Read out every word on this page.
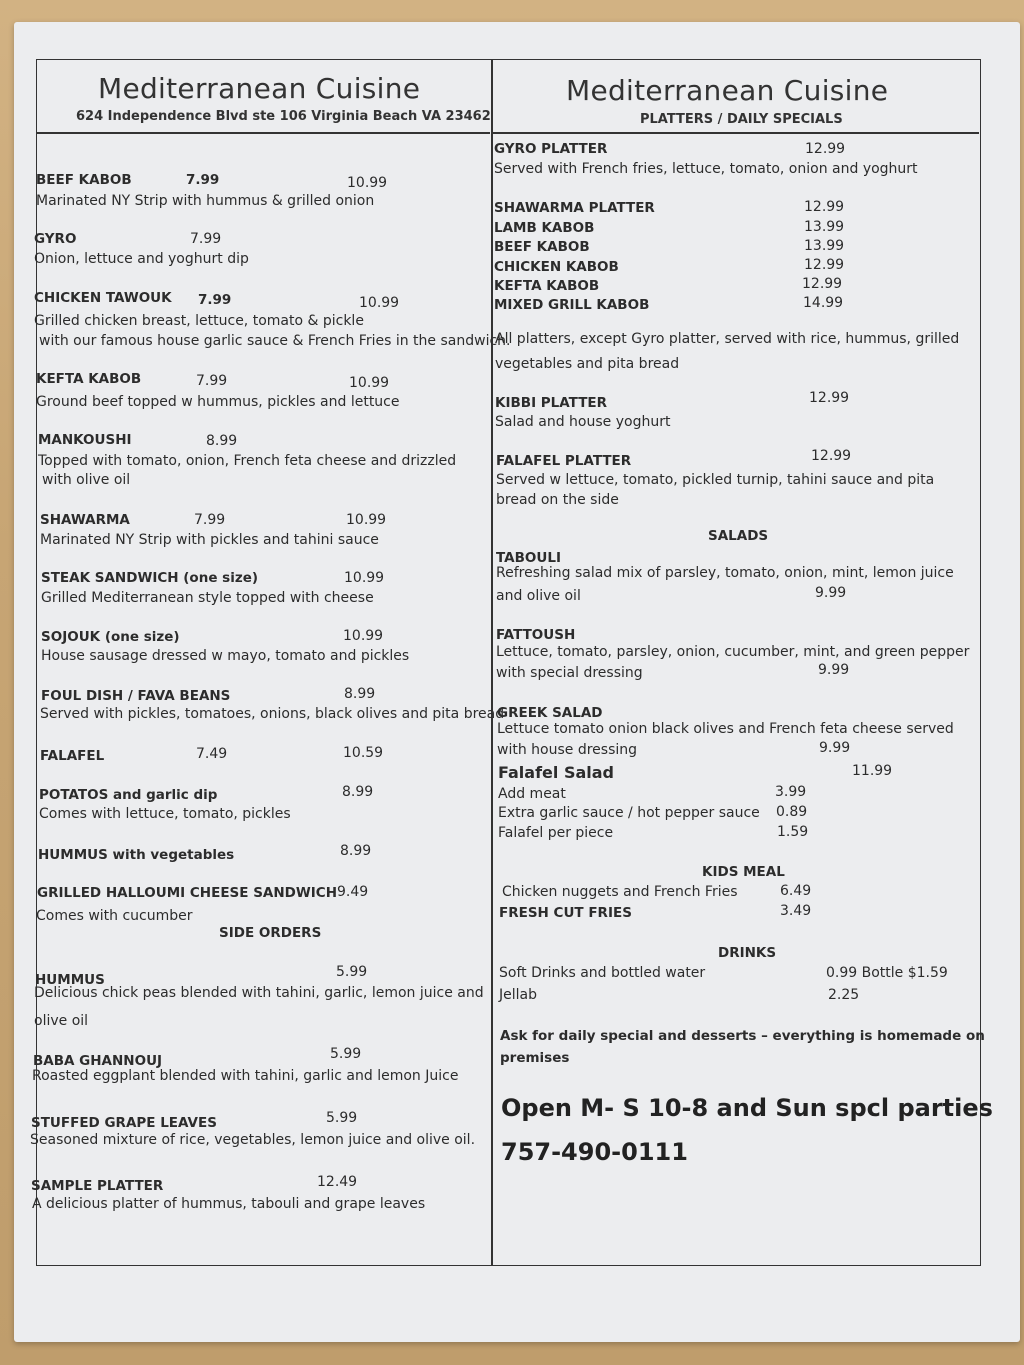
Mediterranean Cuisine
624 Independence Blvd ste 106 Virginia Beach VA 23462
BEEF KABOB	7.99	10.99
Marinated NY Strip with hummus & grilled onion
GYRO	7.99
Onion, lettuce and yoghurt dip
CHICKEN TAWOUK 7.99	10.99
Grilled chicken breast, lettuce, tomato & pickle
with our famous house garlic sauce & French Fries in the sandwich.
KEFTA KABOB	7.99	10.99
Ground beef topped w hummus, pickles and lettuce
MANKOUSHI	8.99
Topped with tomato, onion, French feta cheese and drizzled
with olive oil
SHAWARMA	7.99	10.99
Marinated NY Strip with pickles and tahini sauce
STEAK SANDWICH (one size)	10.99
Grilled Mediterranean style topped with cheese
SOJOUK (one size)	10.99
House sausage dressed w mayo, tomato and pickles
FOUL DISH / FAVA BEANS	8.99
Served with pickles, tomatoes, onions, black olives and pita bread
FALAFEL	7.49	10.59
POTATOS and garlic dip	8.99
Comes with lettuce, tomato, pickles
HUMMUS with vegetables	8.99
GRILLED HALLOUMI CHEESE SANDWICH 9.49
Comes with cucumber
SIDE ORDERS
HUMMUS	5.99
Delicious chick peas blended with tahini, garlic, lemon juice and
olive oil
BABA GHANNOUJ	5.99
Roasted eggplant blended with tahini, garlic and lemon Juice
STUFFED GRAPE LEAVES	5.99
Seasoned mixture of rice, vegetables, lemon juice and olive oil.
SAMPLE PLATTER	12.49
A delicious platter of hummus, tabouli and grape leaves
Mediterranean Cuisine
PLATTERS / DAILY SPECIALS
GYRO PLATTER	12.99
Served with French fries, lettuce, tomato, onion and yoghurt
SHAWARMA PLATTER	12.99
LAMB KABOB	13.99
BEEF KABOB	13.99
CHICKEN KABOB	12.99
KEFTA KABOB	12.99
MIXED GRILL KABOB	14.99
All platters, except Gyro platter, served with rice, hummus, grilled
vegetables and pita bread
KIBBI PLATTER	12.99
Salad and house yoghurt
FALAFEL PLATTER	12.99
Served w lettuce, tomato, pickled turnip, tahini sauce and pita
bread on the side
SALADS
TABOULI
Refreshing salad mix of parsley, tomato, onion, mint, lemon juice
and olive oil	9.99
FATTOUSH
Lettuce, tomato, parsley, onion, cucumber, mint, and green pepper
with special dressing	9.99
GREEK SALAD
Lettuce tomato onion black olives and French feta cheese served
with house dressing	9.99
Falafel Salad	11.99
Add meat	3.99
Extra garlic sauce / hot pepper sauce 0.89
Falafel per piece	1.59
KIDS MEAL
Chicken nuggets and French Fries	6.49
FRESH CUT FRIES	3.49
DRINKS
Soft Drinks and bottled water	0.99 Bottle $1.59
Jellab	2.25
Ask for daily special and desserts – everything is homemade on
premises
Open M- S 10-8 and Sun spcl parties
757-490-0111
